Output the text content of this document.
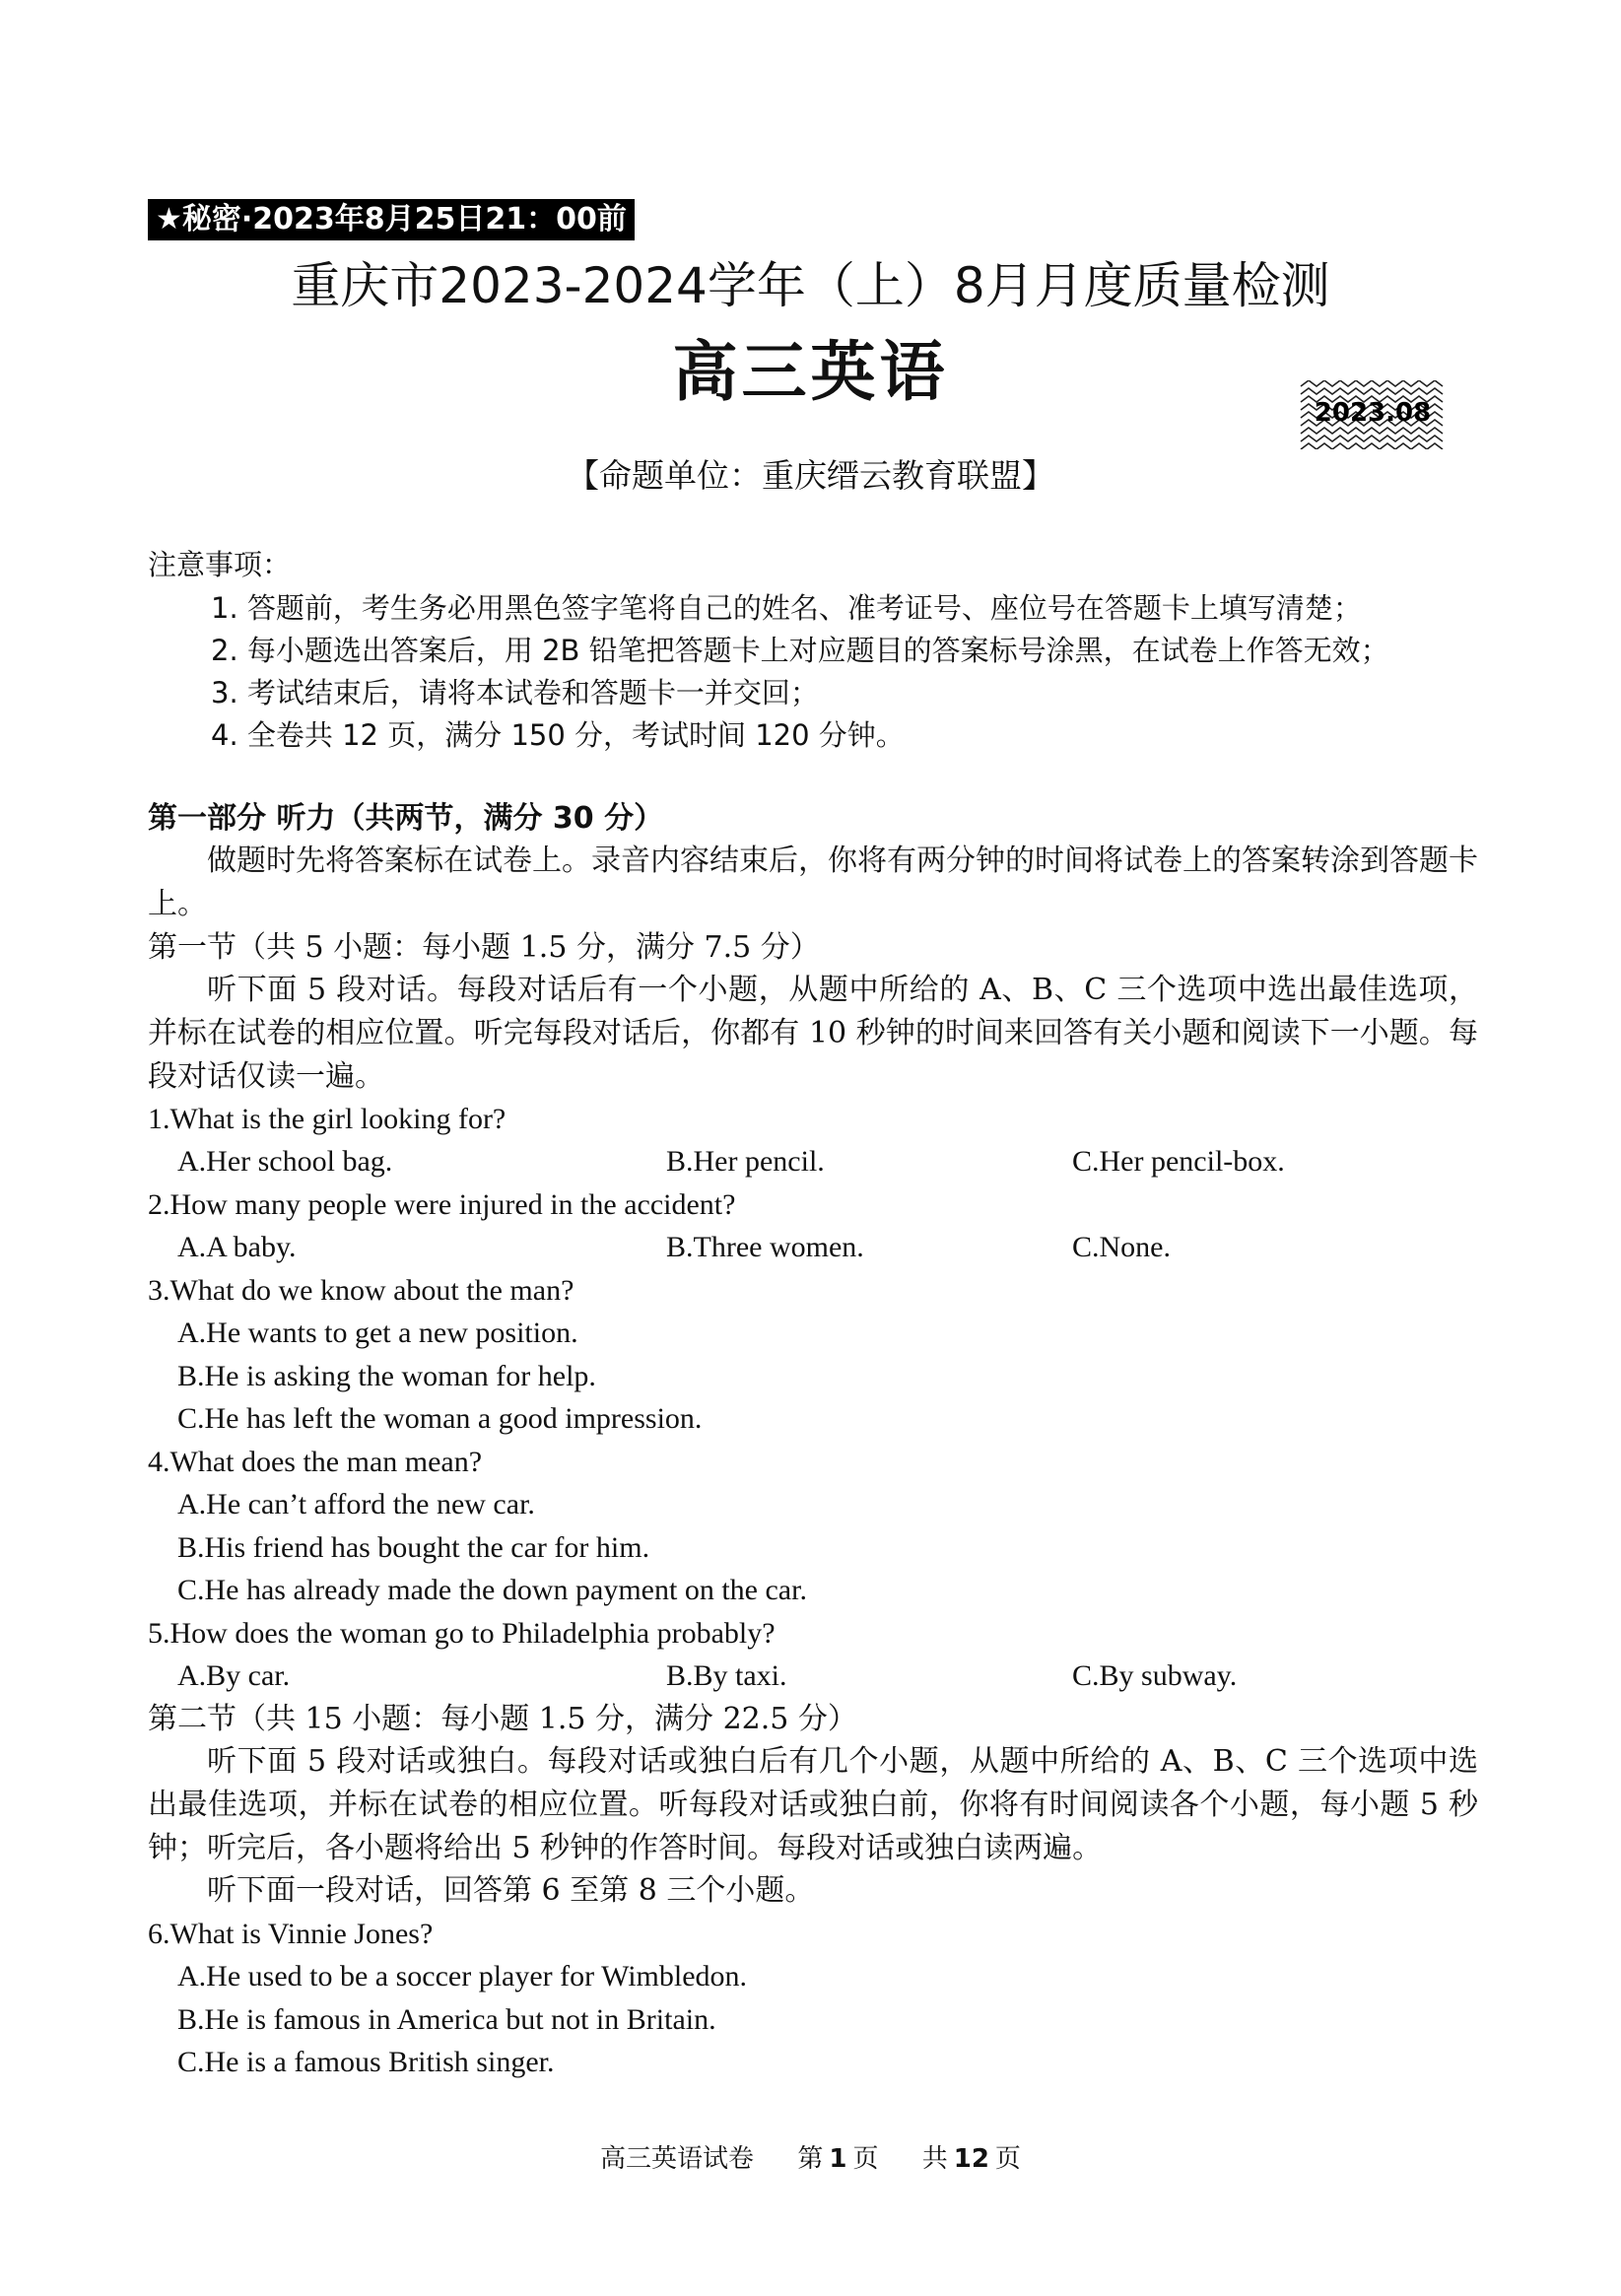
★秘密·2023年8月25日21：00前
重庆市2023-2024学年（上）8月月度质量检测
高三英语
2023.08
【命题单位：重庆缙云教育联盟】
注意事项：
1. 答题前，考生务必用黑色签字笔将自己的姓名、准考证号、座位号在答题卡上填写清楚；
2. 每小题选出答案后，用 2B 铅笔把答题卡上对应题目的答案标号涂黑，在试卷上作答无效；
3. 考试结束后，请将本试卷和答题卡一并交回；
4. 全卷共 12 页，满分 150 分，考试时间 120 分钟。
第一部分 听力（共两节，满分 30 分）
做题时先将答案标在试卷上。录音内容结束后，你将有两分钟的时间将试卷上的答案转涂到答题卡上。
第一节（共 5 小题：每小题 1.5 分，满分 7.5 分）
听下面 5 段对话。每段对话后有一个小题，从题中所给的 A、B、C 三个选项中选出最佳选项，并标在试卷的相应位置。听完每段对话后，你都有 10 秒钟的时间来回答有关小题和阅读下一小题。每段对话仅读一遍。
1.What is the girl looking for?
A.Her school bag.	B.Her pencil.	C.Her pencil-box.
2.How many people were injured in the accident?
A.A baby.	B.Three women.	C.None.
3.What do we know about the man?
A.He wants to get a new position.
B.He is asking the woman for help.
C.He has left the woman a good impression.
4.What does the man mean?
A.He can’t afford the new car.
B.His friend has bought the car for him.
C.He has already made the down payment on the car.
5.How does the woman go to Philadelphia probably?
A.By car.	B.By taxi.	C.By subway.
第二节（共 15 小题：每小题 1.5 分，满分 22.5 分）
听下面 5 段对话或独白。每段对话或独白后有几个小题，从题中所给的 A、B、C 三个选项中选出最佳选项，并标在试卷的相应位置。听每段对话或独白前，你将有时间阅读各个小题，每小题 5 秒钟；听完后，各小题将给出 5 秒钟的作答时间。每段对话或独白读两遍。
听下面一段对话，回答第 6 至第 8 三个小题。
6.What is Vinnie Jones?
A.He used to be a soccer player for Wimbledon.
B.He is famous in America but not in Britain.
C.He is a famous British singer.
高三英语试卷 第 1 页 共 12 页
